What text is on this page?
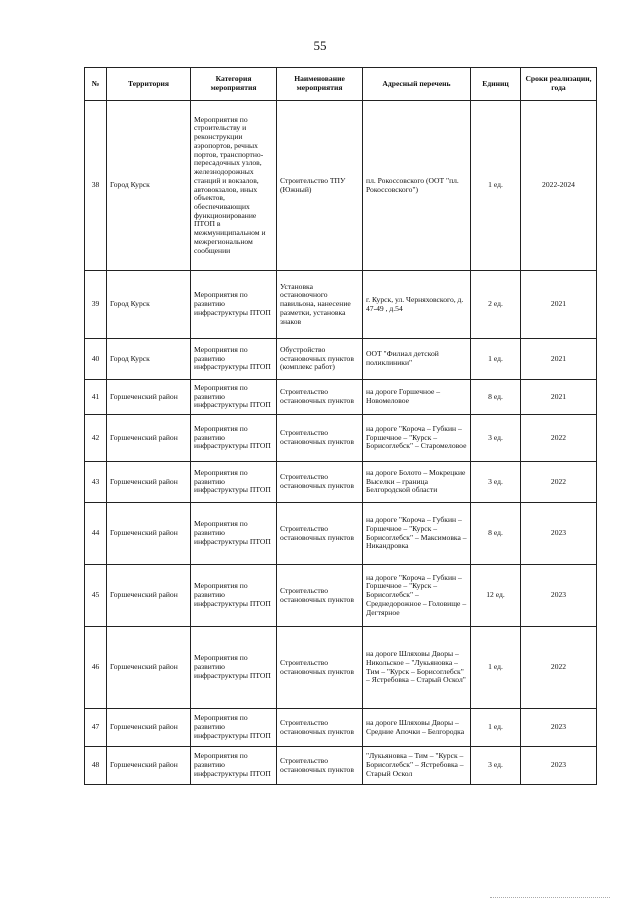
55
№	Территория	Категория мероприятия	Наименование мероприятия	Адресный перечень	Единиц	Сроки реализации, года
38	Город Курск	Мероприятия по строительству и реконструкции аэропортов, речных портов, транспортно-пересадочных узлов, железнодорожных станций и вокзалов, автовокзалов, иных объектов, обеспечивающих функционирование ПТОП в межмуниципальном и межрегиональном сообщении	Строительство ТПУ (Южный)	пл. Рокоссовского (ООТ "пл. Рокоссовского")	1 ед.	2022-2024
39	Город Курск	Мероприятия по развитию инфраструктуры ПТОП	Установка остановочного павильона, нанесение разметки, установка знаков	г. Курск, ул. Черняховского, д. 47-49 , д.54	2 ед.	2021
40	Город Курск	Мероприятия по развитию инфраструктуры ПТОП	Обустройство остановочных пунктов (комплекс работ)	ООТ "Филиал детской поликлиники"	1 ед.	2021
41	Горшеченский район	Мероприятия по развитию инфраструктуры ПТОП	Строительство остановочных пунктов	на дороге Горшечное – Новомеловое	8 ед.	2021
42	Горшеченский район	Мероприятия по развитию инфраструктуры ПТОП	Строительство остановочных пунктов	на дороге "Короча – Губкин – Горшечное – "Курск – Борисоглебск" – Старомеловое	3 ед.	2022
43	Горшеченский район	Мероприятия по развитию инфраструктуры ПТОП	Строительство остановочных пунктов	на дороге Болото – Мокрецкие Выселки – граница Белгородской области	3 ед.	2022
44	Горшеченский район	Мероприятия по развитию инфраструктуры ПТОП	Строительство остановочных пунктов	на дороге "Короча – Губкин – Горшечное – "Курск – Борисоглебск" – Максимовка – Никандровка	8 ед.	2023
45	Горшеченский район	Мероприятия по развитию инфраструктуры ПТОП	Строительство остановочных пунктов	на дороге "Короча – Губкин – Горшечное – "Курск – Борисоглебск" – Среднедорожное – Головище – Дегтярное	12 ед.	2023
46	Горшеченский район	Мероприятия по развитию инфраструктуры ПТОП	Строительство остановочных пунктов	на дороге Шляховы Дворы – Никольское – "Лукьяновка – Тим – "Курск – Борисоглебск" – Ястребовка – Старый Оскол"	1 ед.	2022
47	Горшеченский район	Мероприятия по развитию инфраструктуры ПТОП	Строительство остановочных пунктов	на дороге Шляховы Дворы – Средние Апочки – Белгородка	1 ед.	2023
48	Горшеченский район	Мероприятия по развитию инфраструктуры ПТОП	Строительство остановочных пунктов	"Лукьяновка – Тим – "Курск – Борисоглебск" – Ястребовка – Старый Оскол	3 ед.	2023
